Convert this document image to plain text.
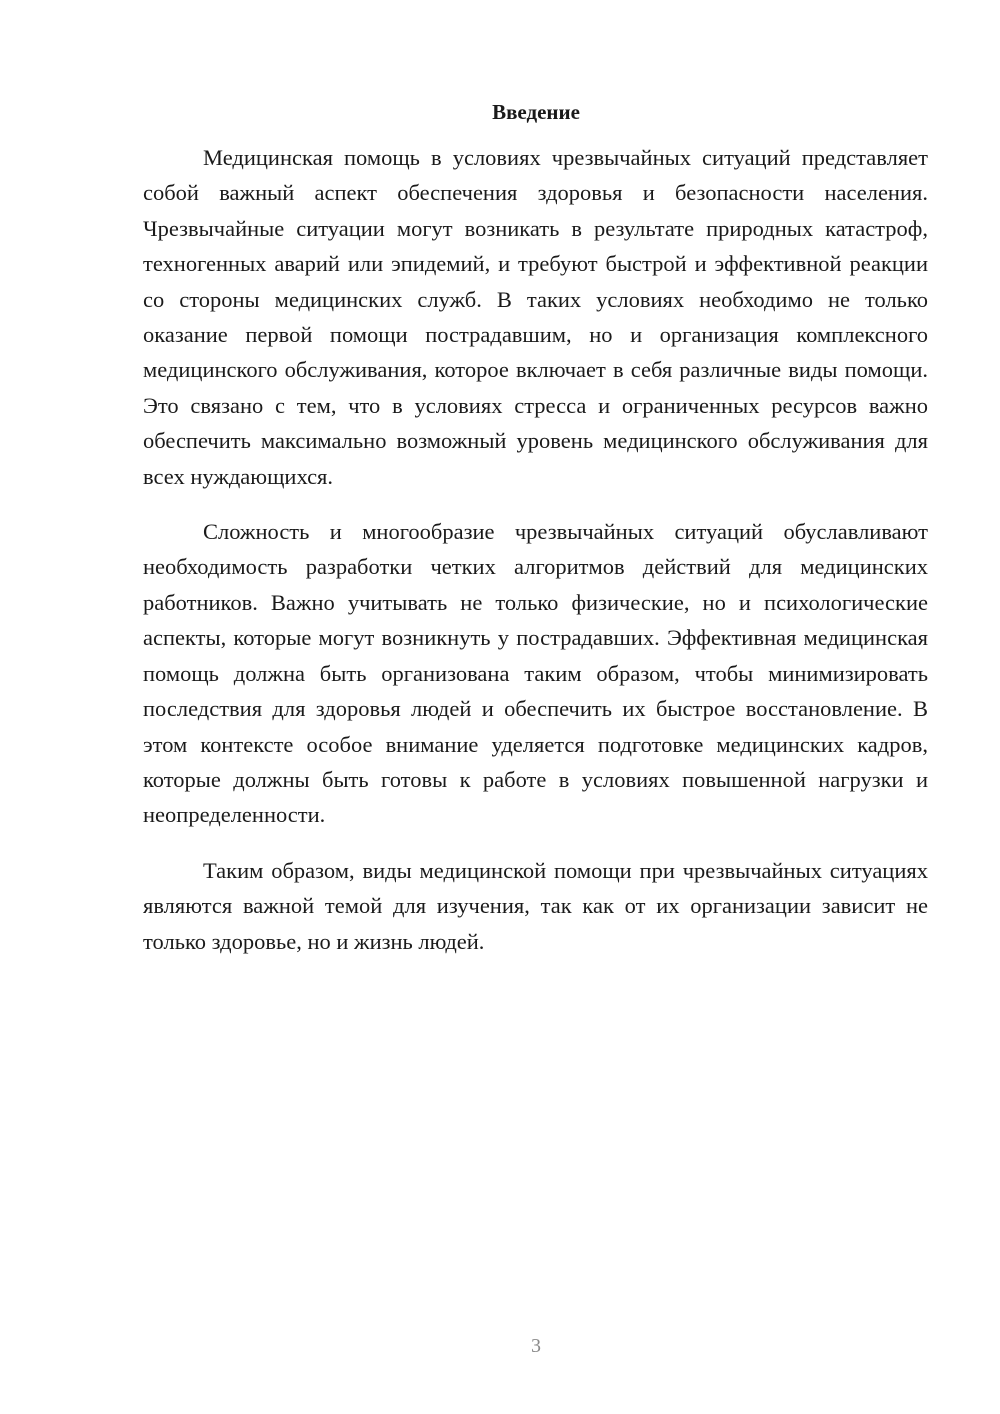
Введение

Медицинская помощь в условиях чрезвычайных ситуаций представляет собой важный аспект обеспечения здоровья и безопасности населения. Чрезвычайные ситуации могут возникать в результате природных катастроф, техногенных аварий или эпидемий, и требуют быстрой и эффективной реакции со стороны медицинских служб. В таких условиях необходимо не только оказание первой помощи пострадавшим, но и организация комплексного медицинского обслуживания, которое включает в себя различные виды помощи. Это связано с тем, что в условиях стресса и ограниченных ресурсов важно обеспечить максимально возможный уровень медицинского обслуживания для всех нуждающихся.

Сложность и многообразие чрезвычайных ситуаций обуславливают необходимость разработки четких алгоритмов действий для медицинских работников. Важно учитывать не только физические, но и психологические аспекты, которые могут возникнуть у пострадавших. Эффективная медицинская помощь должна быть организована таким образом, чтобы минимизировать последствия для здоровья людей и обеспечить их быстрое восстановление. В этом контексте особое внимание уделяется подготовке медицинских кадров, которые должны быть готовы к работе в условиях повышенной нагрузки и неопределенности.

Таким образом, виды медицинской помощи при чрезвычайных ситуациях являются важной темой для изучения, так как от их организации зависит не только здоровье, но и жизнь людей.

3
